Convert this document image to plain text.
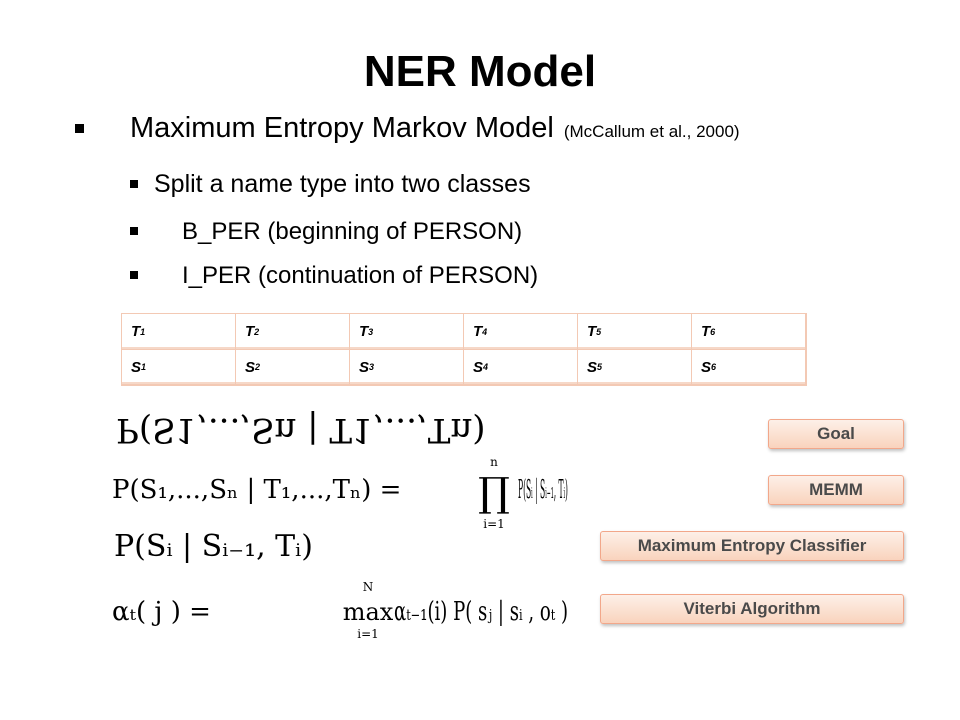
NER Model
Maximum Entropy Markov Model (McCallum et al., 2000)
Split a name type into two classes
B_PER (beginning of PERSON)
I_PER (continuation of PERSON)
T 1	T 2	T 3	T 4	T 5	T 6
S 1	S 2	S 3	S 4	S 5	S 6
P(S1,...,Sn | T1,...,Tn)
P(S₁,...,Sₙ | T₁,...,Tₙ) =
n
∏
i=1
P(Sᵢ | Sᵢ₋₁, Tᵢ)
P(Sᵢ | Sᵢ₋₁, Tᵢ)
αₜ( j ) =
N
max
i=1
αₜ₋₁(i) P( sⱼ | sᵢ , oₜ )
Goal
MEMM
Maximum Entropy Classifier
Viterbi Algorithm
